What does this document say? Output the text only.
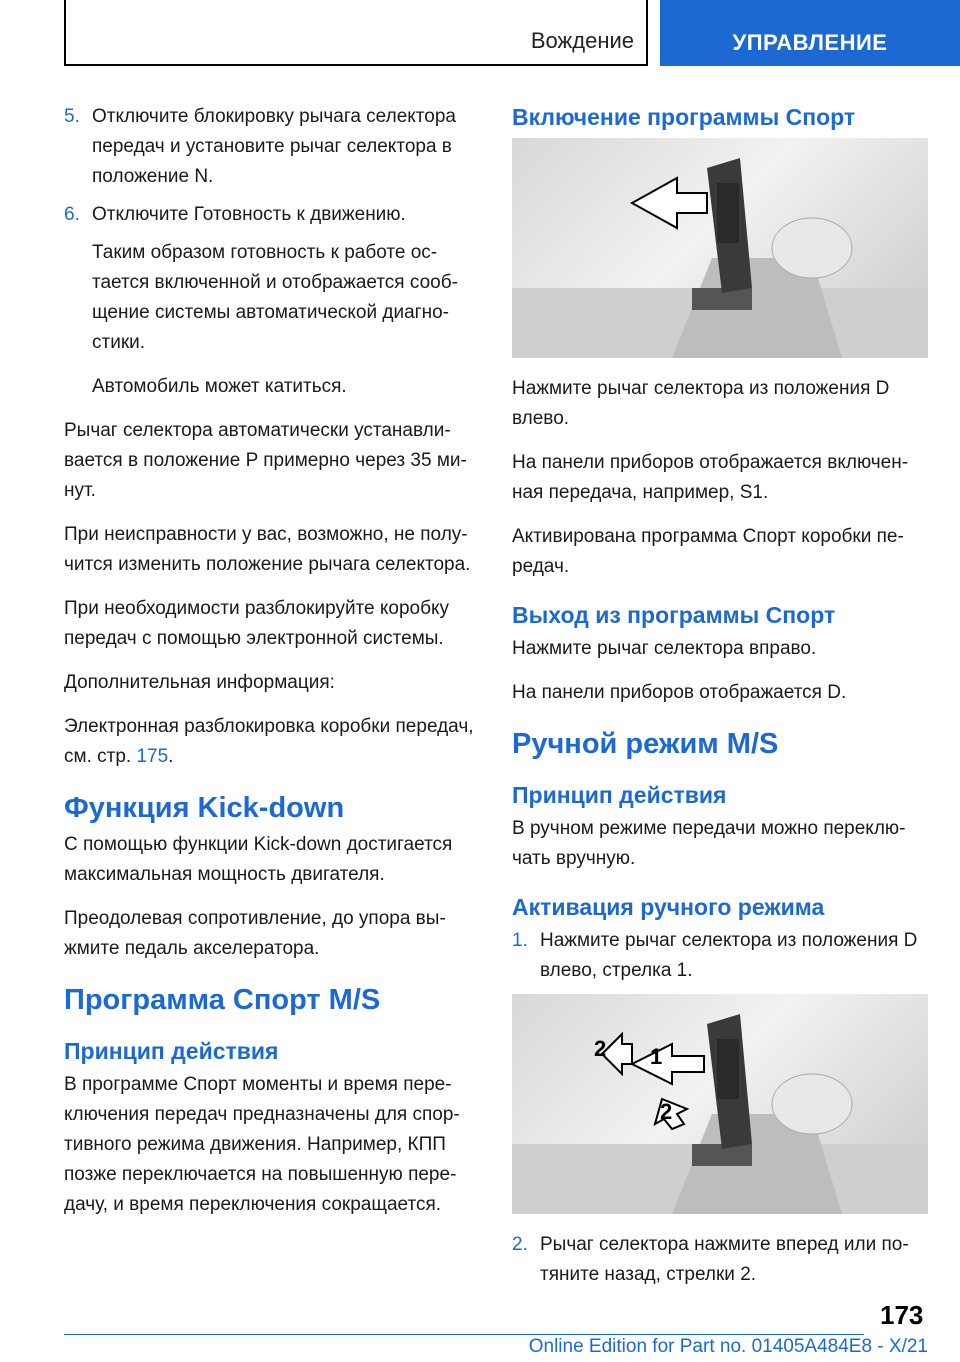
Вождение	УПРАВЛЕНИЕ
5. Отключите блокировку рычага селектора передач и установите рычаг селектора в положение N.
6. Отключите Готовность к движению.

Таким образом готовность к работе остается включенной и отображается сообщение системы автоматической диагностики.

Автомобиль может катиться.

Рычаг селектора автоматически устанавливается в положение P примерно через 35 минут.

При неисправности у вас, возможно, не получится изменить положение рычага селектора.

При необходимости разблокируйте коробку передач с помощью электронной системы.

Дополнительная информация:

Электронная разблокировка коробки передач, см. стр. 175.

Функция Kick-down

С помощью функции Kick-down достигается максимальная мощность двигателя.

Преодолевая сопротивление, до упора выжмите педаль акселератора.

Программа Спорт M/S
Принцип действия

В программе Спорт моменты и время переключения передач предназначены для спортивного режима движения. Например, КПП позже переключается на повышенную передачу, и время переключения сокращается.

Включение программы Спорт

Нажмите рычаг селектора из положения D влево.

На панели приборов отображается включенная передача, например, S1.

Активирована программа Спорт коробки передач.

Выход из программы Спорт

Нажмите рычаг селектора вправо.

На панели приборов отображается D.

Ручной режим M/S
Принцип действия

В ручном режиме передачи можно переключать вручную.

Активация ручного режима
1. Нажмите рычаг селектора из положения D влево, стрелка 1.
1
2
2
2. Рычаг селектора нажмите вперед или потяните назад, стрелки 2.
173
Online Edition for Part no. 01405A484E8 - X/21
